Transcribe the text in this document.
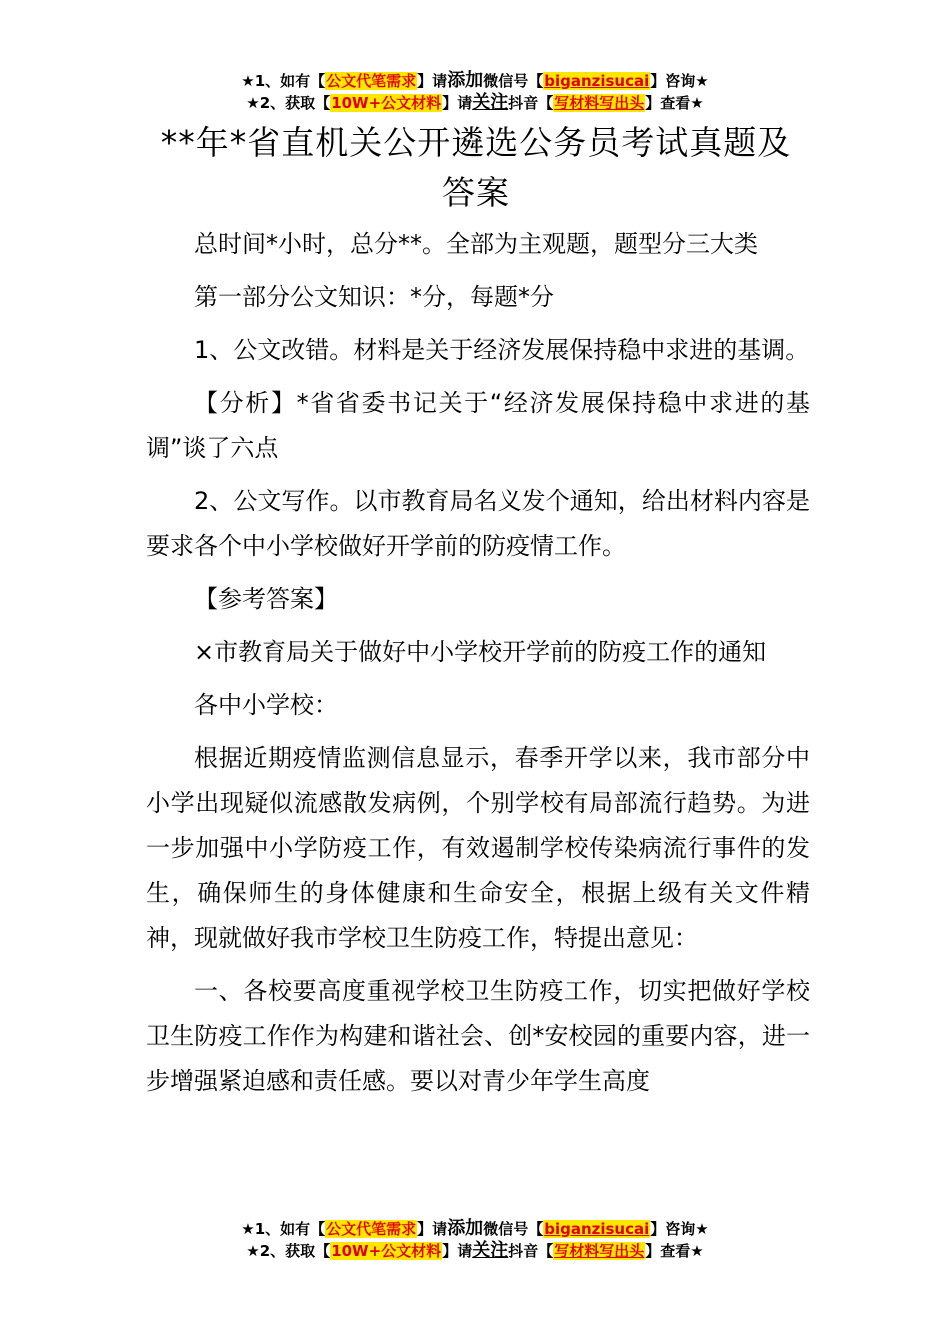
★1、如有【公文代笔需求】请添加微信号【biganzisucai】咨询★
★2、获取【10W+公文材料】请关注抖音【写材料写出头】查看★
**年*省直机关公开遴选公务员考试真题及答案

总时间*小时，总分**。全部为主观题，题型分三大类

第一部分公文知识：*分，每题*分

1、公文改错。材料是关于经济发展保持稳中求进的基调。

【分析】*省省委书记关于“经济发展保持稳中求进的基调”谈了六点

2、公文写作。以市教育局名义发个通知，给出材料内容是要求各个中小学校做好开学前的防疫情工作。

【参考答案】

×市教育局关于做好中小学校开学前的防疫工作的通知

各中小学校：

根据近期疫情监测信息显示，春季开学以来，我市部分中小学出现疑似流感散发病例，个别学校有局部流行趋势。为进一步加强中小学防疫工作，有效遏制学校传染病流行事件的发生，确保师生的身体健康和生命安全，根据上级有关文件精神，现就做好我市学校卫生防疫工作，特提出意见：

一、各校要高度重视学校卫生防疫工作，切实把做好学校卫生防疫工作作为构建和谐社会、创*安校园的重要内容，进一步增强紧迫感和责任感。要以对青少年学生高度

★1、如有【公文代笔需求】请添加微信号【biganzisucai】咨询★
★2、获取【10W+公文材料】请关注抖音【写材料写出头】查看★
